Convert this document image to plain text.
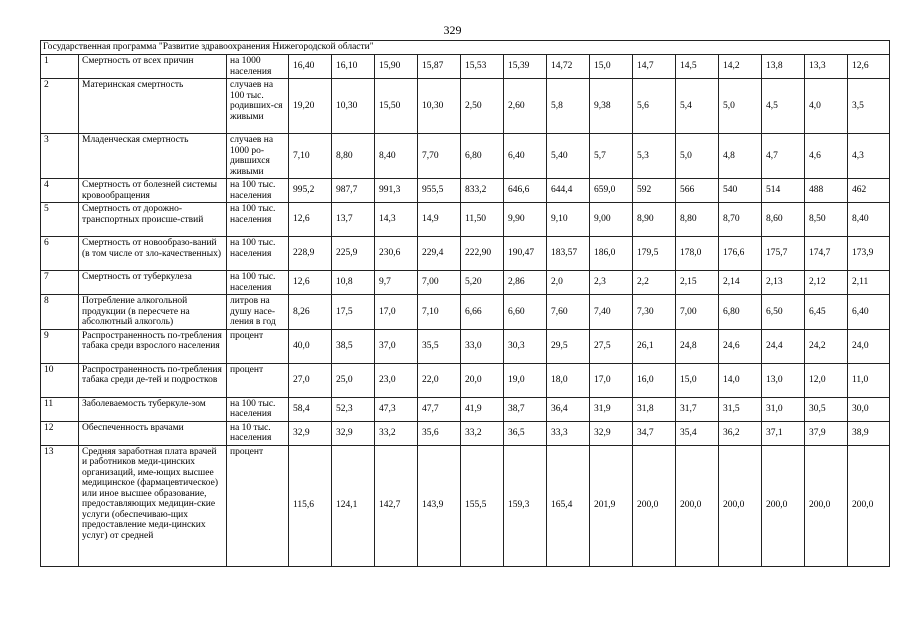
329
Государственная программа "Развитие здравоохранения Нижегородской области"																
1	Смертность от всех причин	на 1000 населения	16,40	16,10	15,90	15,87	15,53	15,39	14,72	15,0	14,7	14,5	14,2	13,8	13,3	12,6
2	Материнская смертность	случаев на 100 тыс. родивших-ся живыми	19,20	10,30	15,50	10,30	2,50	2,60	5,8	9,38	5,6	5,4	5,0	4,5	4,0	3,5
3	Младенческая смертность	случаев на 1000 ро-дившихся живыми	7,10	8,80	8,40	7,70	6,80	6,40	5,40	5,7	5,3	5,0	4,8	4,7	4,6	4,3
4	Смертность от болезней системы кровообращения	на 100 тыс. населения	995,2	987,7	991,3	955,5	833,2	646,6	644,4	659,0	592	566	540	514	488	462
5	Смертность от дорожно-транспортных происше-ствий	на 100 тыс. населения	12,6	13,7	14,3	14,9	11,50	9,90	9,10	9,00	8,90	8,80	8,70	8,60	8,50	8,40
6	Смертность от новообразо-ваний (в том числе от зло-качественных)	на 100 тыс. населения	228,9	225,9	230,6	229,4	222,90	190,47	183,57	186,0	179,5	178,0	176,6	175,7	174,7	173,9
7	Смертность от туберкулеза	на 100 тыс. населения	12,6	10,8	9,7	7,00	5,20	2,86	2,0	2,3	2,2	2,15	2,14	2,13	2,12	2,11
8	Потребление алкогольной продукции (в пересчете на абсолютный алкоголь)	литров на душу насе-ления в год	8,26	17,5	17,0	7,10	6,66	6,60	7,60	7,40	7,30	7,00	6,80	6,50	6,45	6,40
9	Распространенность по-требления табака среди взрослого населения	процент	40,0	38,5	37,0	35,5	33,0	30,3	29,5	27,5	26,1	24,8	24,6	24,4	24,2	24,0
10	Распространенность по-требления табака среди де-тей и подростков	процент	27,0	25,0	23,0	22,0	20,0	19,0	18,0	17,0	16,0	15,0	14,0	13,0	12,0	11,0
11	Заболеваемость туберкуле-зом	на 100 тыс. населения	58,4	52,3	47,3	47,7	41,9	38,7	36,4	31,9	31,8	31,7	31,5	31,0	30,5	30,0
12	Обеспеченность врачами	на 10 тыс. населения	32,9	32,9	33,2	35,6	33,2	36,5	33,3	32,9	34,7	35,4	36,2	37,1	37,9	38,9
13	Средняя заработная плата врачей и работников меди-цинских организаций, име-ющих высшее медицинское (фармацевтическое) или иное высшее образование, предоставляющих медицин-ские услуги (обеспечиваю-щих предоставление меди-цинских услуг) от средней	процент	115,6	124,1	142,7	143,9	155,5	159,3	165,4	201,9	200,0	200,0	200,0	200,0	200,0	200,0
